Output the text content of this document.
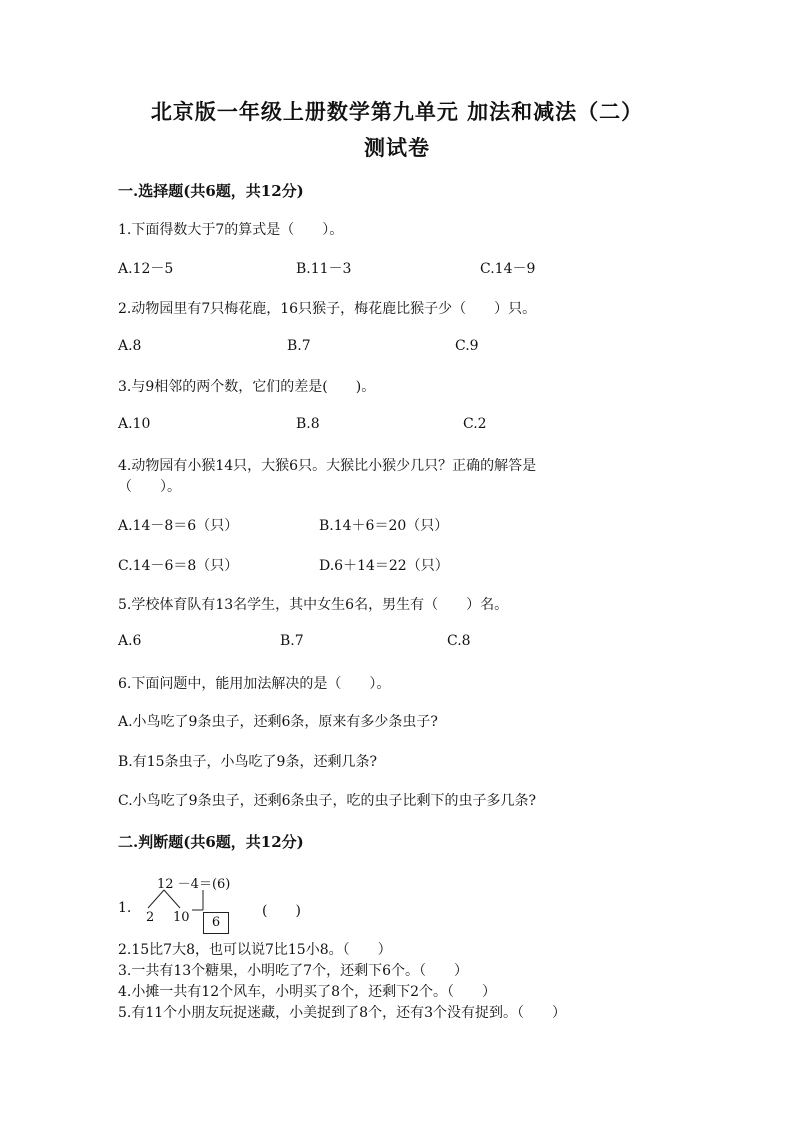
北京版一年级上册数学第九单元 加法和减法（二）
测试卷
一.选择题(共6题，共12分)
1.下面得数大于7的算式是（　　）。
A.12－5	B.11－3	C.14－9
2.动物园里有7只梅花鹿，16只猴子，梅花鹿比猴子少（　　）只。
A.8	B.7	C.9
3.与9相邻的两个数，它们的差是(　　)。
A.10	B.8	C.2
4.动物园有小猴14只，大猴6只。大猴比小猴少几只？正确的解答是
（　　）。
A.14－8＝6（只）	B.14＋6＝20（只）
C.14－6＝8（只）	D.6＋14＝22（只）
5.学校体育队有13名学生，其中女生6名，男生有（　　）名。
A.6	B.7	C.8
6.下面问题中，能用加法解决的是（　　）。
A.小鸟吃了9条虫子，还剩6条，原来有多少条虫子?
B.有15条虫子，小鸟吃了9条，还剩几条?
C.小鸟吃了9条虫子，还剩6条虫子，吃的虫子比剩下的虫子多几条?
二.判断题(共6题，共12分)
12 －4＝(6)
1.
2 10	6
(　　)
2.15比7大8，也可以说7比15小8。（　　）
3.一共有13个糖果，小明吃了7个，还剩下6个。（　　）
4.小摊一共有12个风车，小明买了8个，还剩下2个。（　　）
5.有11个小朋友玩捉迷藏，小美捉到了8个，还有3个没有捉到。（　　）
